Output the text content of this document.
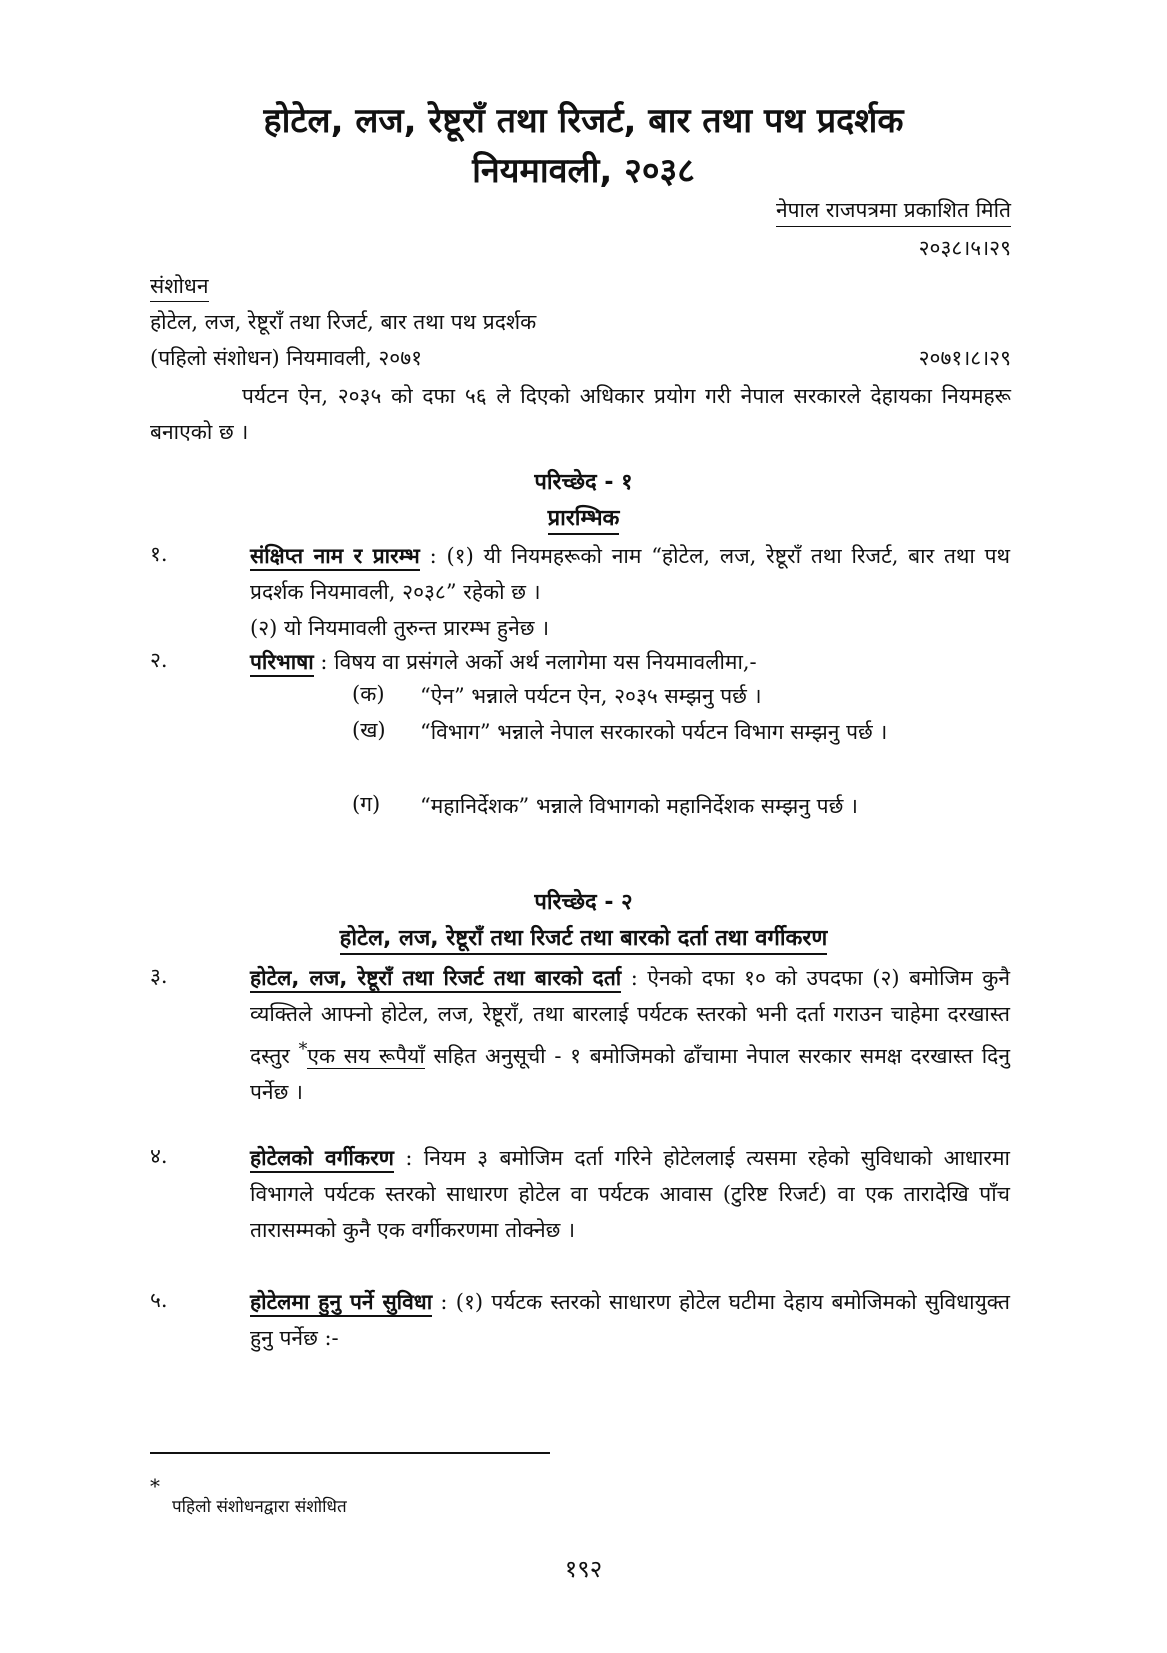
होटेल, लज, रेष्टूराँ तथा रिजर्ट, बार तथा पथ प्रदर्शक
नियमावली, २०३८
नेपाल राजपत्रमा प्रकाशित मिति
२०३८।५।२९
संशोधन
होटेल, लज, रेष्टूराँ तथा रिजर्ट, बार तथा पथ प्रदर्शक
(पहिलो संशोधन) नियमावली, २०७१	२०७१।८।२९
पर्यटन ऐन, २०३५ को दफा ५६ ले दिएको अधिकार प्रयोग गरी नेपाल सरकारले देहायका नियमहरू बनाएको छ ।
परिच्छेद - १
प्रारम्भिक
१.	संक्षिप्त नाम र प्रारम्भ : (१) यी नियमहरूको नाम “होटेल, लज, रेष्टूराँ तथा रिजर्ट, बार तथा पथ प्रदर्शक नियमावली, २०३८” रहेको छ ।
(२) यो नियमावली तुरुन्त प्रारम्भ हुनेछ ।
२.	परिभाषा : विषय वा प्रसंगले अर्को अर्थ नलागेमा यस नियमावलीमा,-
(क) “ऐन” भन्नाले पर्यटन ऐन, २०३५ सम्झनु पर्छ ।
(ख) “विभाग” भन्नाले नेपाल सरकारको पर्यटन विभाग सम्झनु पर्छ ।
(ग) “महानिर्देशक” भन्नाले विभागको महानिर्देशक सम्झनु पर्छ ।
परिच्छेद - २
होटेल, लज, रेष्टूराँ तथा रिजर्ट तथा बारको दर्ता तथा वर्गीकरण
३.	होटेल, लज, रेष्टूराँ तथा रिजर्ट तथा बारको दर्ता : ऐनको दफा १० को उपदफा (२) बमोजिम कुनै व्यक्तिले आफ्नो होटेल, लज, रेष्टूराँ, तथा बारलाई पर्यटक स्तरको भनी दर्ता गराउन चाहेमा दरखास्त दस्तुर *एक सय रूपैयाँ सहित अनुसूची - १ बमोजिमको ढाँचामा नेपाल सरकार समक्ष दरखास्त दिनु पर्नेछ ।
४.	होटेलको वर्गीकरण : नियम ३ बमोजिम दर्ता गरिने होटेललाई त्यसमा रहेको सुविधाको आधारमा विभागले पर्यटक स्तरको साधारण होटेल वा पर्यटक आवास (टुरिष्ट रिजर्ट) वा एक तारादेखि पाँच तारासम्मको कुनै एक वर्गीकरणमा तोक्नेछ ।
५.	होटेलमा हुनु पर्ने सुविधा : (१) पर्यटक स्तरको साधारण होटेल घटीमा देहाय बमोजिमको सुविधायुक्त हुनु पर्नेछ :-
*
पहिलो संशोधनद्वारा संशोधित
१९२
